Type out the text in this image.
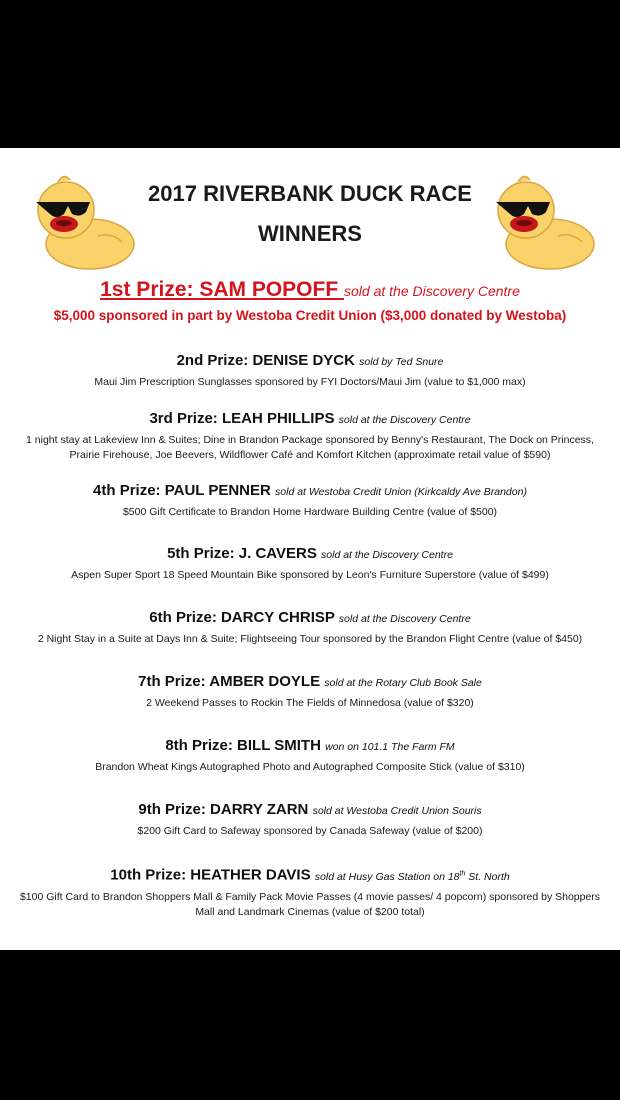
2017 RIVERBANK DUCK RACE
WINNERS
1st Prize: SAM POPOFF sold at the Discovery Centre
$5,000 sponsored in part by Westoba Credit Union ($3,000 donated by Westoba)
2nd Prize: DENISE DYCK sold by Ted Snure
Maui Jim Prescription Sunglasses sponsored by FYI Doctors/Maui Jim (value to $1,000 max)
3rd Prize: LEAH PHILLIPS sold at the Discovery Centre
1 night stay at Lakeview Inn & Suites; Dine in Brandon Package sponsored by Benny's Restaurant, The Dock on Princess, Prairie Firehouse, Joe Beevers, Wildflower Café and Komfort Kitchen (approximate retail value of $590)
4th Prize: PAUL PENNER sold at Westoba Credit Union (Kirkcaldy Ave Brandon)
$500 Gift Certificate to Brandon Home Hardware Building Centre (value of $500)
5th Prize: J. CAVERS sold at the Discovery Centre
Aspen Super Sport 18 Speed Mountain Bike sponsored by Leon's Furniture Superstore (value of $499)
6th Prize: DARCY CHRISP sold at the Discovery Centre
2 Night Stay in a Suite at Days Inn & Suite; Flightseeing Tour sponsored by the Brandon Flight Centre (value of $450)
7th Prize: AMBER DOYLE sold at the Rotary Club Book Sale
2 Weekend Passes to Rockin The Fields of Minnedosa (value of $320)
8th Prize: BILL SMITH won on 101.1 The Farm FM
Brandon Wheat Kings Autographed Photo and Autographed Composite Stick (value of $310)
9th Prize: DARRY ZARN sold at Westoba Credit Union Souris
$200 Gift Card to Safeway sponsored by Canada Safeway (value of $200)
10th Prize: HEATHER DAVIS sold at Husy Gas Station on 18th St. North
$100 Gift Card to Brandon Shoppers Mall & Family Pack Movie Passes (4 movie passes/ 4 popcorn) sponsored by Shoppers Mall and Landmark Cinemas (value of $200 total)
